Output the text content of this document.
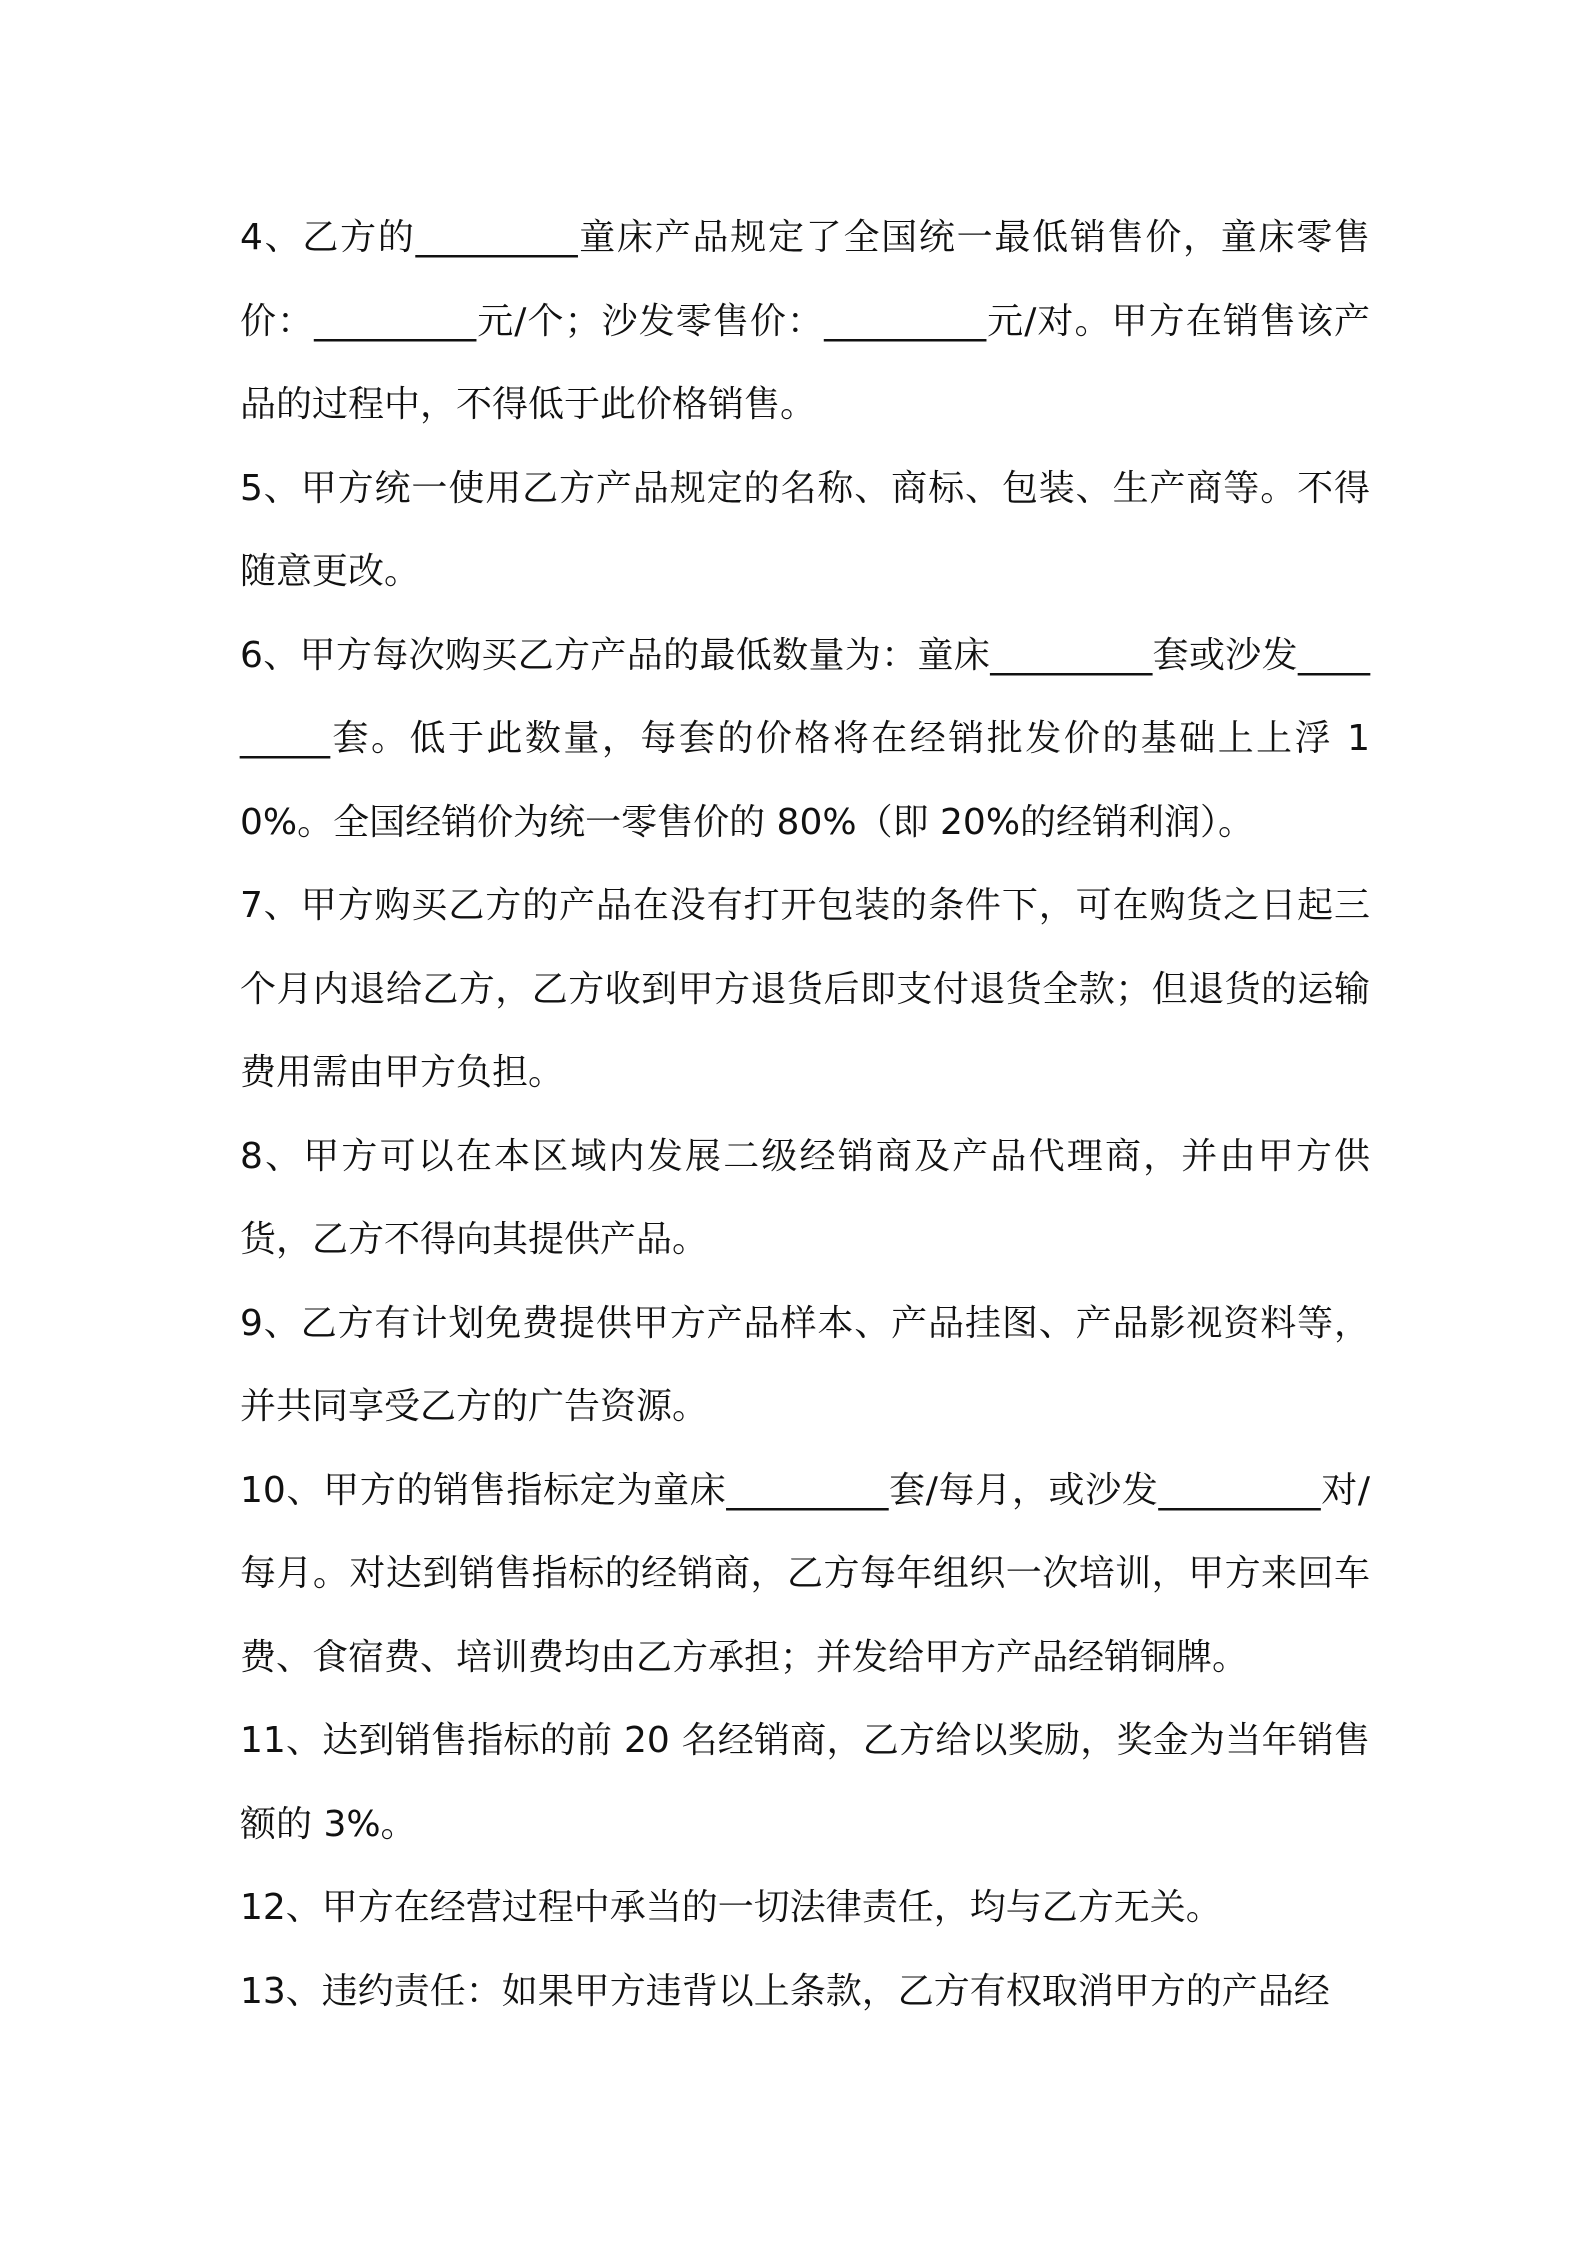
4、乙方的_________童床产品规定了全国统一最低销售价，童床零售价：_________元/个；沙发零售价：_________元/对。甲方在销售该产品的过程中，不得低于此价格销售。

5、甲方统一使用乙方产品规定的名称、商标、包装、生产商等。不得随意更改。

6、甲方每次购买乙方产品的最低数量为：童床_________套或沙发_________套。低于此数量，每套的价格将在经销批发价的基础上上浮 10%。全国经销价为统一零售价的 80%（即 20%的经销利润）。

7、甲方购买乙方的产品在没有打开包装的条件下，可在购货之日起三个月内退给乙方，乙方收到甲方退货后即支付退货全款；但退货的运输费用需由甲方负担。

8、甲方可以在本区域内发展二级经销商及产品代理商，并由甲方供货，乙方不得向其提供产品。

9、乙方有计划免费提供甲方产品样本、产品挂图、产品影视资料等，并共同享受乙方的广告资源。

10、甲方的销售指标定为童床_________套/每月，或沙发_________对/每月。对达到销售指标的经销商，乙方每年组织一次培训，甲方来回车费、食宿费、培训费均由乙方承担；并发给甲方产品经销铜牌。

11、达到销售指标的前 20 名经销商，乙方给以奖励，奖金为当年销售额的 3%。

12、甲方在经营过程中承当的一切法律责任，均与乙方无关。

13、违约责任：如果甲方违背以上条款，乙方有权取消甲方的产品经
